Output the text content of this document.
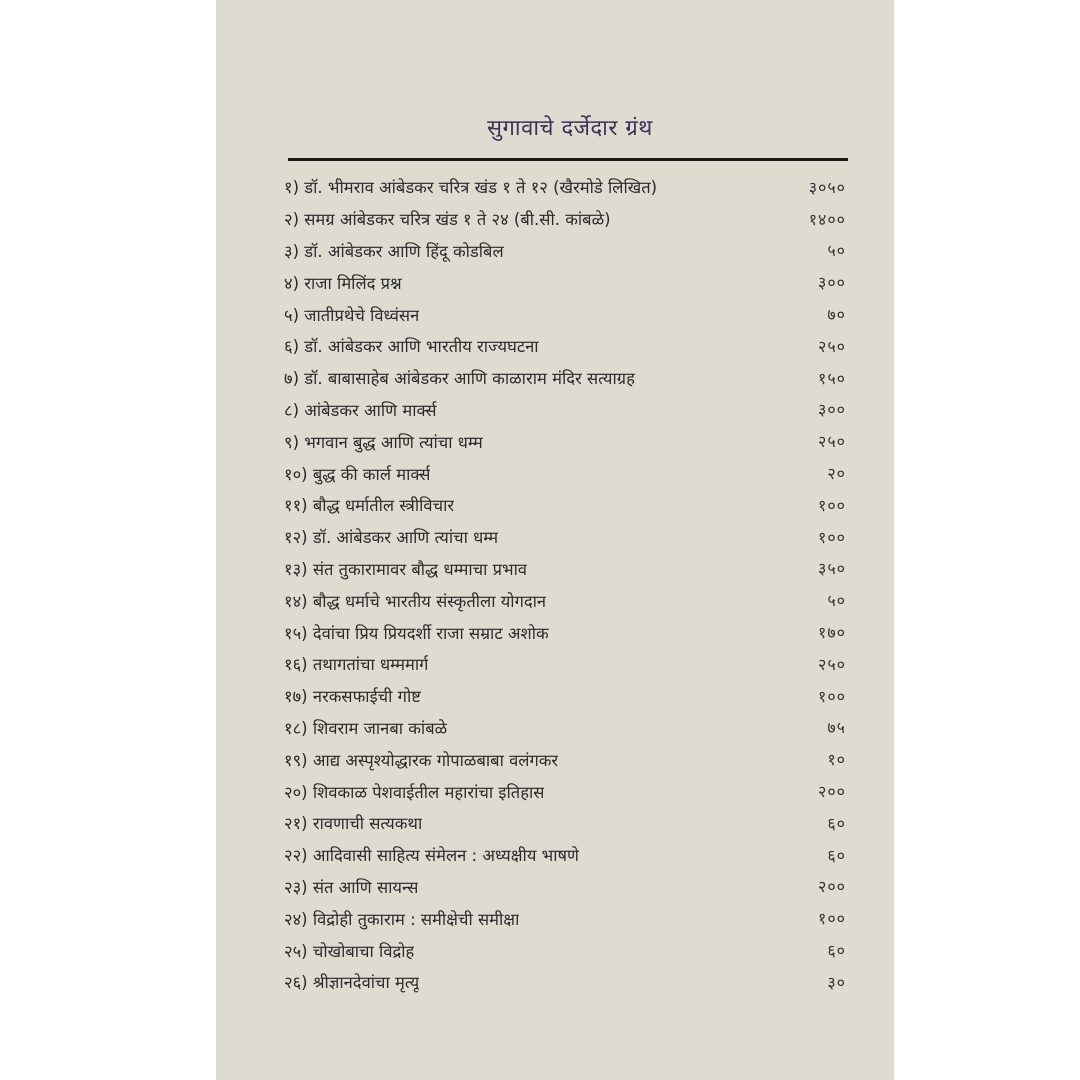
सुगावाचे दर्जेदार ग्रंथ
१) डॉ. भीमराव आंबेडकर चरित्र खंड १ ते १२ (खैरमोडे लिखित)	३०५०
२) समग्र आंबेडकर चरित्र खंड १ ते २४ (बी.सी. कांबळे)	१४००
३) डॉ. आंबेडकर आणि हिंदू कोडबिल	५०
४) राजा मिलिंद प्रश्न	३००
५) जातीप्रथेचे विध्वंसन	७०
६) डॉ. आंबेडकर आणि भारतीय राज्यघटना	२५०
७) डॉ. बाबासाहेब आंबेडकर आणि काळाराम मंदिर सत्याग्रह	१५०
८) आंबेडकर आणि मार्क्स	३००
९) भगवान बुद्ध आणि त्यांचा धम्म	२५०
१०) बुद्ध की कार्ल मार्क्स	२०
११) बौद्ध धर्मातील स्त्रीविचार	१००
१२) डॉ. आंबेडकर आणि त्यांचा धम्म	१००
१३) संत तुकारामावर बौद्ध धम्माचा प्रभाव	३५०
१४) बौद्ध धर्माचे भारतीय संस्कृतीला योगदान	५०
१५) देवांचा प्रिय प्रियदर्शी राजा सम्राट अशोक	१७०
१६) तथागतांचा धम्ममार्ग	२५०
१७) नरकसफाईची गोष्ट	१००
१८) शिवराम जानबा कांबळे	७५
१९) आद्य अस्पृश्योद्धारक गोपाळबाबा वलंगकर	१०
२०) शिवकाळ पेशवाईतील महारांचा इतिहास	२००
२१) रावणाची सत्यकथा	६०
२२) आदिवासी साहित्य संमेलन : अध्यक्षीय भाषणे	६०
२३) संत आणि सायन्स	२००
२४) विद्रोही तुकाराम : समीक्षेची समीक्षा	१००
२५) चोखोबाचा विद्रोह	६०
२६) श्रीज्ञानदेवांचा मृत्यू	३०
